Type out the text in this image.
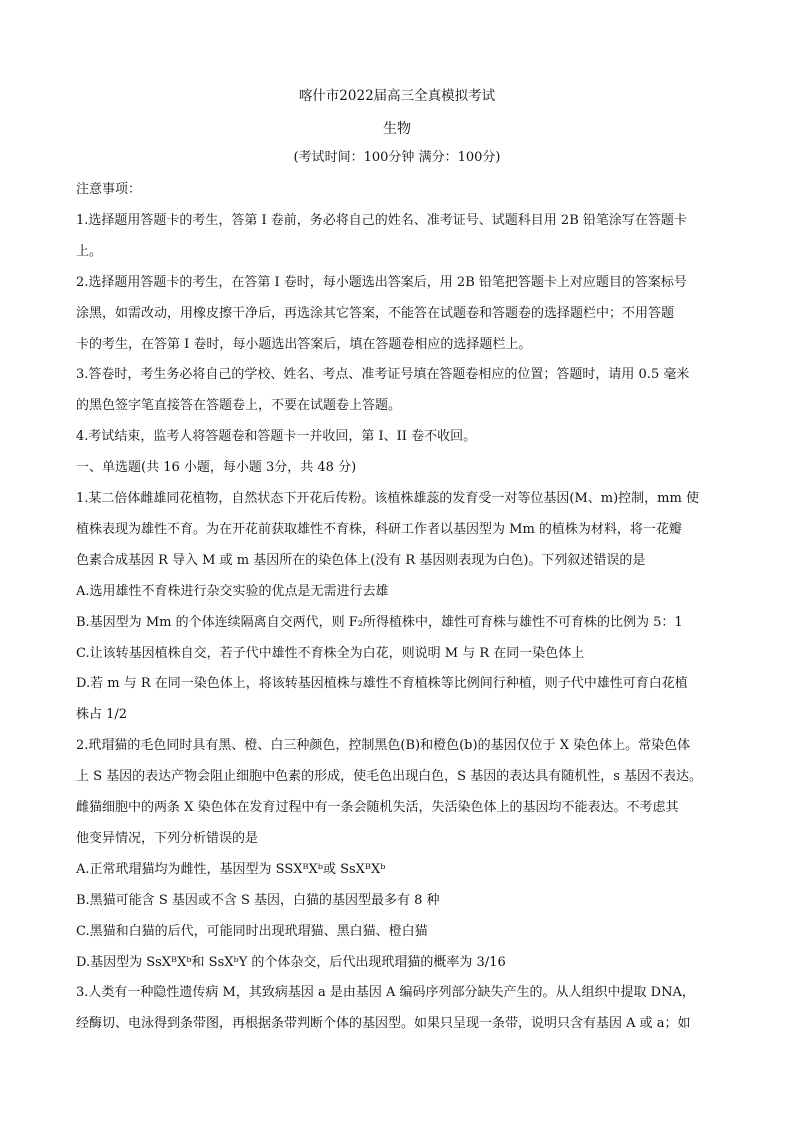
喀什市2022届高三全真模拟考试
生物
(考试时间：100分钟 满分：100分)
注意事项：
1.选择题用答题卡的考生，答第 I 卷前，务必将自己的姓名、准考证号、试题科目用 2B 铅笔涂写在答题卡
上。
2.选择题用答题卡的考生，在答第 I 卷时，每小题选出答案后，用 2B 铅笔把答题卡上对应题目的答案标号
涂黑，如需改动，用橡皮擦干净后，再选涂其它答案，不能答在试题卷和答题卷的选择题栏中；不用答题
卡的考生，在答第 I 卷时，每小题选出答案后，填在答题卷相应的选择题栏上。
3.答卷时，考生务必将自己的学校、姓名、考点、准考证号填在答题卷相应的位置；答题时，请用 0.5 毫米
的黑色签字笔直接答在答题卷上，不要在试题卷上答题。
4.考试结束，监考人将答题卷和答题卡一并收回，第 I、II 卷不收回。
一、单选题(共 16 小题，每小题 3分，共 48 分)
1.某二倍体雌雄同花植物，自然状态下开花后传粉。该植株雄蕊的发育受一对等位基因(M、m)控制，mm 使
植株表现为雄性不育。为在开花前获取雄性不育株，科研工作者以基因型为 Mm 的植株为材料，将一花瓣
色素合成基因 R 导入 M 或 m 基因所在的染色体上(没有 R 基因则表现为白色)。下列叙述错误的是
A.选用雄性不育株进行杂交实验的优点是无需进行去雄
B.基因型为 Mm 的个体连续隔离自交两代，则 F₂所得植株中，雄性可育株与雄性不可育株的比例为 5：1
C.让该转基因植株自交，若子代中雄性不育株全为白花，则说明 M 与 R 在同一染色体上
D.若 m 与 R 在同一染色体上，将该转基因植株与雄性不育植株等比例间行种植，则子代中雄性可育白花植
株占 1/2
2.玳瑁猫的毛色同时具有黑、橙、白三种颜色，控制黑色(B)和橙色(b)的基因仅位于 X 染色体上。常染色体
上 S 基因的表达产物会阻止细胞中色素的形成，使毛色出现白色，S 基因的表达具有随机性，s 基因不表达。
雌猫细胞中的两条 X 染色体在发育过程中有一条会随机失活，失活染色体上的基因均不能表达。不考虑其
他变异情况，下列分析错误的是
A.正常玳瑁猫均为雌性，基因型为 SSXᴮXᵇ或 SsXᴮXᵇ
B.黑猫可能含 S 基因或不含 S 基因，白猫的基因型最多有 8 种
C.黑猫和白猫的后代，可能同时出现玳瑁猫、黑白猫、橙白猫
D.基因型为 SsXᴮXᵇ和 SsXᵇY 的个体杂交，后代出现玳瑁猫的概率为 3/16
3.人类有一种隐性遗传病 M，其致病基因 a 是由基因 A 编码序列部分缺失产生的。从人组织中提取 DNA，
经酶切、电泳得到条带图，再根据条带判断个体的基因型。如果只呈现一条带，说明只含有基因 A 或 a；如
